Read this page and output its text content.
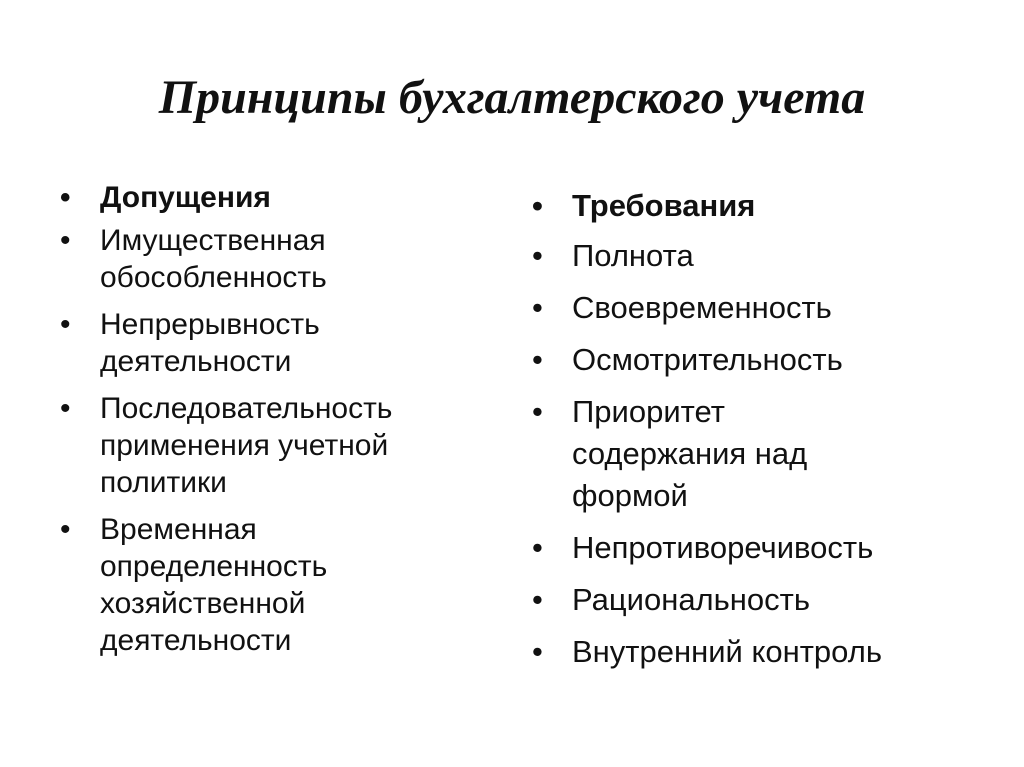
Принципы бухгалтерского учета
• Допущения
• Имущественная обособленность
• Непрерывность деятельности
• Последовательность применения учетной политики
• Временная определенность хозяйственной деятельности
• Требования
• Полнота
• Своевременность
• Осмотрительность
• Приоритет содержания над формой
• Непротиворечивость
• Рациональность
• Внутренний контроль
